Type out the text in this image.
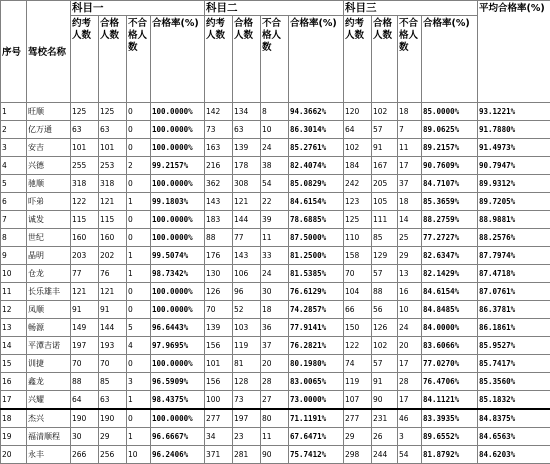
序号	驾校名称	科目一				科目二				科目三				平均合格率(%)
		约考人数	合格人数	不合格人数	合格率(%)	约考人数	合格人数	不合格人数	合格率(%)	约考人数	合格人数	不合格人数	合格率(%)	
1	旺顺	125	125	0	100.0000%	142	134	8	94.3662%	120	102	18	85.0000%	93.1221%
2	亿万通	63	63	0	100.0000%	73	63	10	86.3014%	64	57	7	89.0625%	91.7880%
3	安吉	101	101	0	100.0000%	163	139	24	85.2761%	102	91	11	89.2157%	91.4973%
4	兴德	255	253	2	99.2157%	216	178	38	82.4074%	184	167	17	90.7609%	90.7947%
5	驰顺	318	318	0	100.0000%	362	308	54	85.0829%	242	205	37	84.7107%	89.9312%
6	吓弟	122	121	1	99.1803%	143	121	22	84.6154%	123	105	18	85.3659%	89.7205%
7	诚发	115	115	0	100.0000%	183	144	39	78.6885%	125	111	14	88.2759%	88.9881%
8	世纪	160	160	0	100.0000%	88	77	11	87.5000%	110	85	25	77.2727%	88.2576%
9	晶明	203	202	1	99.5074%	176	143	33	81.2500%	158	129	29	82.6347%	87.7974%
10	仓龙	77	76	1	98.7342%	130	106	24	81.5385%	70	57	13	82.1429%	87.4718%
11	长乐雄丰	121	121	0	100.0000%	126	96	30	76.6129%	104	88	16	84.6154%	87.0761%
12	凤顺	91	91	0	100.0000%	70	52	18	74.2857%	66	56	10	84.8485%	86.3781%
13	畅源	149	144	5	96.6443%	139	103	36	77.9141%	150	126	24	84.0000%	86.1861%
14	平潭吉诺	197	193	4	97.9695%	156	119	37	76.2821%	122	102	20	83.6066%	85.9527%
15	训捷	70	70	0	100.0000%	101	81	20	80.1980%	74	57	17	77.0270%	85.7417%
16	鑫龙	88	85	3	96.5909%	156	128	28	83.0065%	119	91	28	76.4706%	85.3560%
17	兴耀	64	63	1	98.4375%	100	73	27	73.0000%	107	90	17	84.1121%	85.1832%
18	杰兴	190	190	0	100.0000%	277	197	80	71.1191%	277	231	46	83.3935%	84.8375%
19	福清顺程	30	29	1	96.6667%	34	23	11	67.6471%	29	26	3	89.6552%	84.6563%
20	永丰	266	256	10	96.2406%	371	281	90	75.7412%	298	244	54	81.8792%	84.6203%
